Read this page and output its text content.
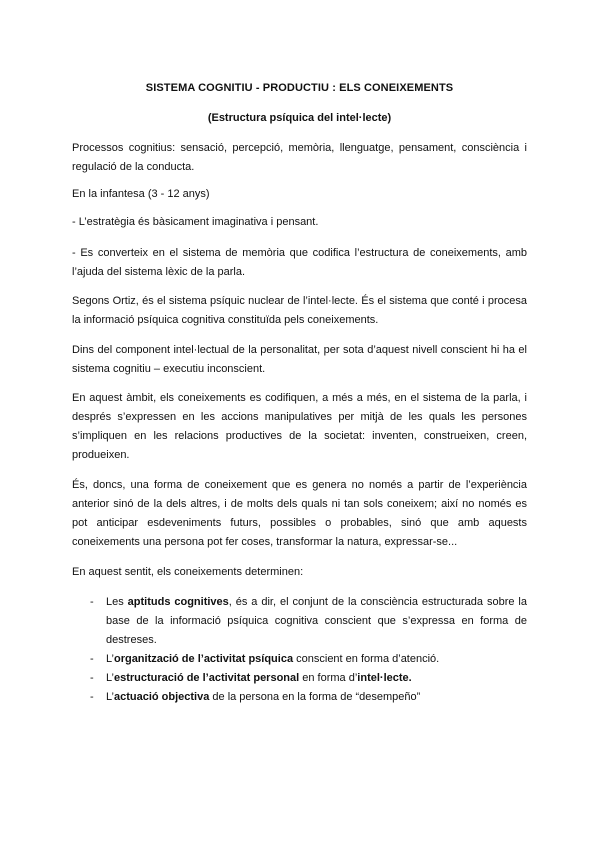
SISTEMA COGNITIU - PRODUCTIU : ELS CONEIXEMENTS
(Estructura psíquica del intel·lecte)

Processos cognitius: sensació, percepció, memòria, llenguatge, pensament, consciència i regulació de la conducta.

En la infantesa (3 - 12 anys)

- L’estratègia és bàsicament imaginativa i pensant.

- Es converteix en el sistema de memòria que codifica l’estructura de coneixements, amb l’ajuda del sistema lèxic de la parla.

Segons Ortiz, és el sistema psíquic nuclear de l’intel·lecte. És el sistema que conté i procesa la informació psíquica cognitiva constituïda pels coneixements.

Dins del component intel·lectual de la personalitat, per sota d’aquest nivell conscient hi ha el sistema cognitiu – executiu inconscient.

En aquest àmbit, els coneixements es codifiquen, a més a més, en el sistema de la parla, i després s’expressen en les accions manipulatives per mitjà de les quals les persones s’impliquen en les relacions productives de la societat: inventen, construeixen, creen, produeixen.

És, doncs, una forma de coneixement que es genera no només a partir de l’experiència anterior sinó de la dels altres, i de molts dels quals ni tan sols coneixem; així no només es pot anticipar esdeveniments futurs, possibles o probables, sinó que amb aquests coneixements una persona pot fer coses, transformar la natura, expressar-se...

En aquest sentit, els coneixements determinen:

- Les aptituds cognitives, és a dir, el conjunt de la consciència estructurada sobre la base de la informació psíquica cognitiva conscient que s’expressa en forma de destreses.
- L’organització de l’activitat psíquica conscient en forma d’atenció.
- L’estructuració de l’activitat personal en forma d’intel·lecte.
- L’actuació objectiva de la persona en la forma de “desempeño”
